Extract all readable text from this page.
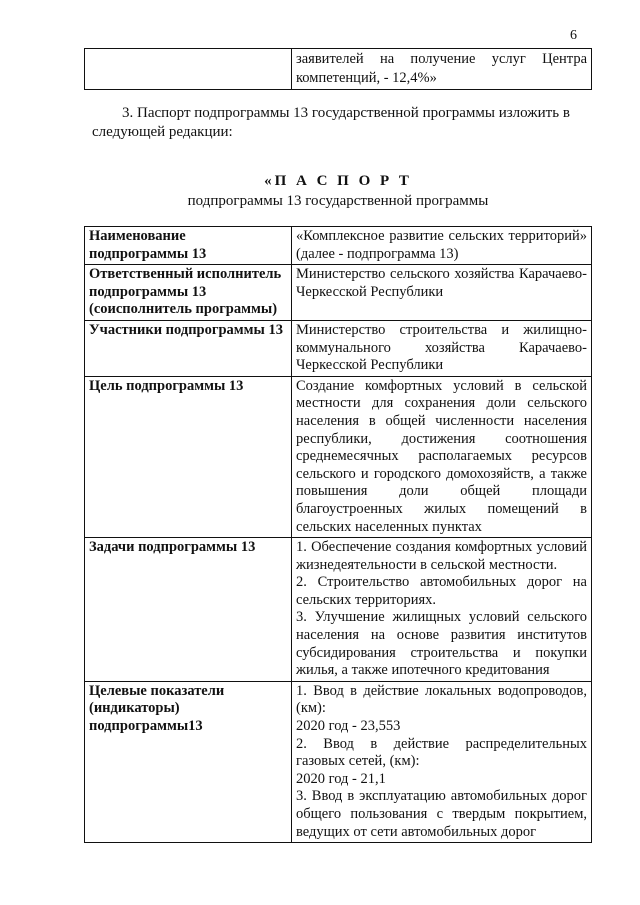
6
	заявителей на получение услуг Центра компетенций, - 12,4%»
3. Паспорт подпрограммы 13 государственной программы изложить в следующей редакции:
«П А С П О Р Т
подпрограммы 13 государственной программы
Наименование подпрограммы 13	«Комплексное развитие сельских территорий» (далее - подпрограмма 13)

Ответственный исполнитель подпрограммы 13 (соисполнитель программы)	Министерство сельского хозяйства Карачаево-Черкесской Республики

Участники подпрограммы 13	Министерство строительства и жилищно-коммунального хозяйства Карачаево-Черкесской Республики

Цель подпрограммы 13	Создание комфортных условий в сельской местности для сохранения доли сельского населения в общей численности населения республики, достижения соотношения среднемесячных располагаемых ресурсов сельского и городского домохозяйств, а также повышения доли общей площади благоустроенных жилых помещений в сельских населенных пунктах

Задачи подпрограммы 13	1. Обеспечение создания комфортных условий жизнедеятельности в сельской местности.
2. Строительство автомобильных дорог на сельских территориях.
3. Улучшение жилищных условий сельского населения на основе развития институтов субсидирования строительства и покупки жилья, а также ипотечного кредитования

Целевые показатели (индикаторы) подпрограммы13	1. Ввод в действие локальных водопроводов, (км):
2020 год - 23,553
2. Ввод в действие распределительных газовых сетей, (км):
2020 год - 21,1
3. Ввод в эксплуатацию автомобильных дорог общего пользования с твердым покрытием, ведущих от сети автомобильных дорог
